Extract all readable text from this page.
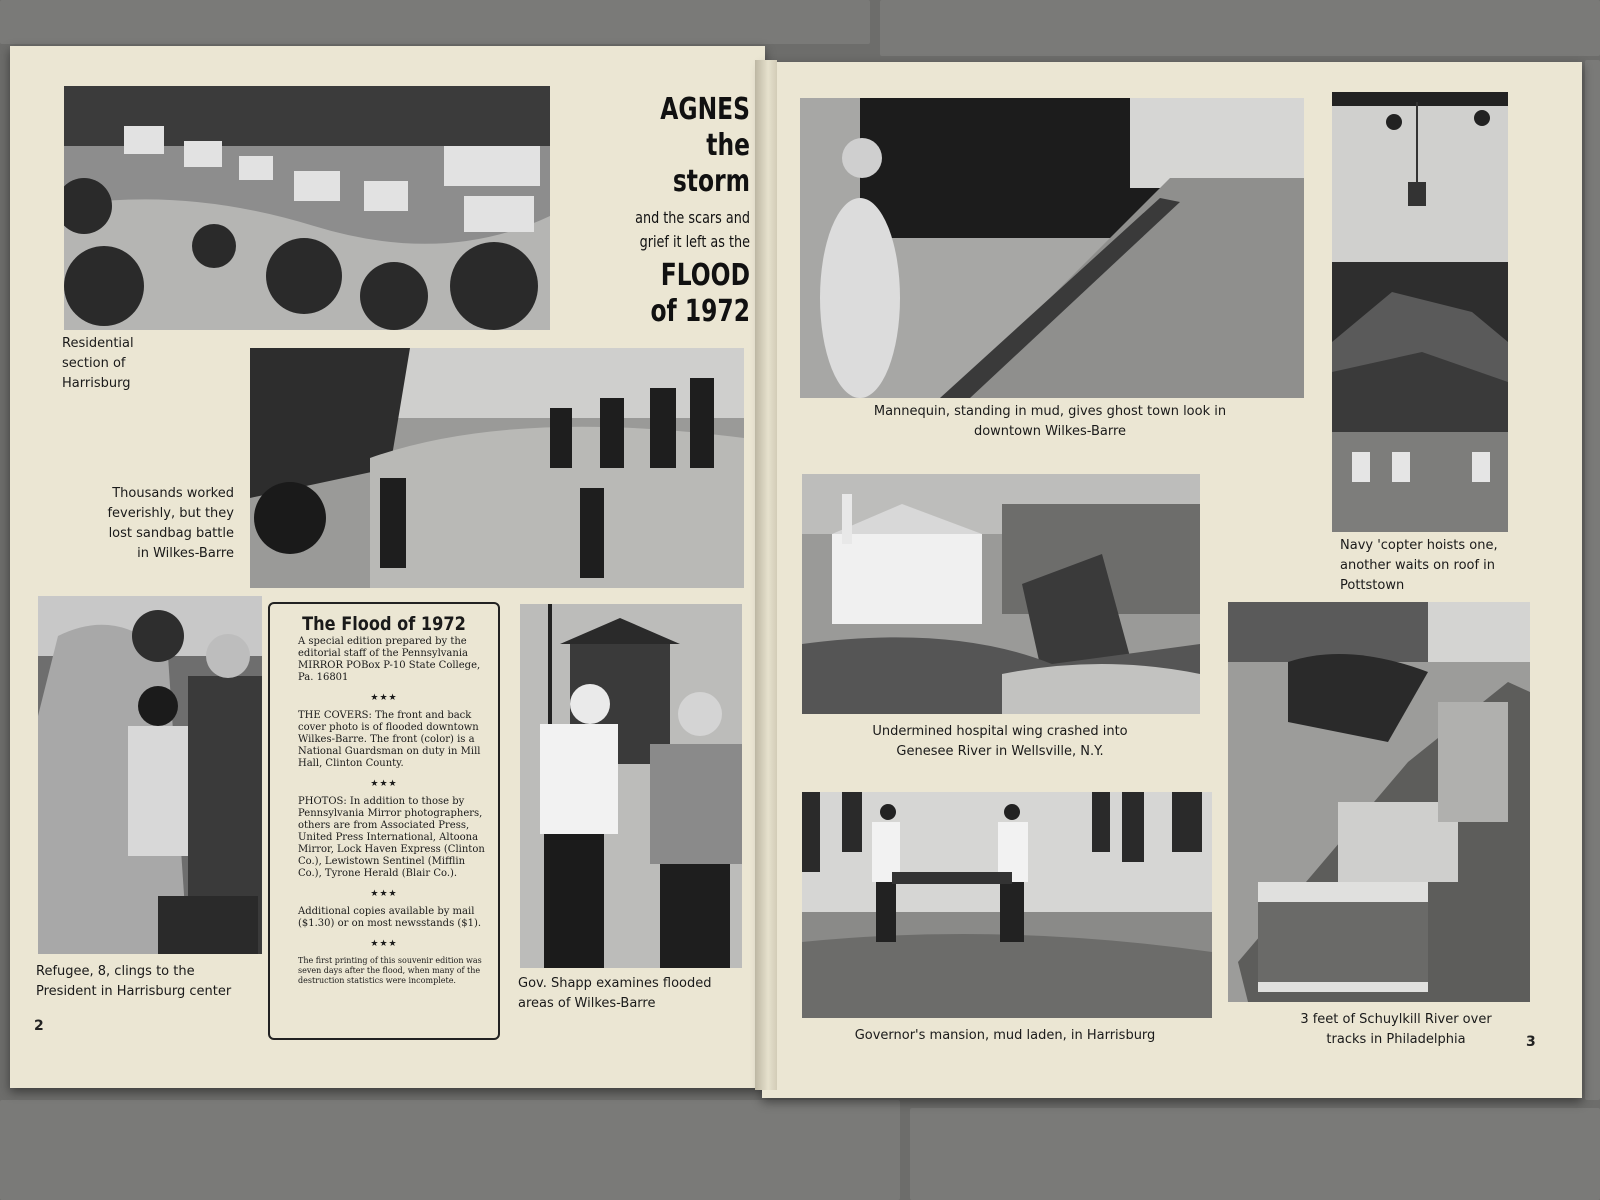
Residential section of Harrisburg
AGNES
the storm
and the scars and
grief it left as the
FLOOD
of 1972
Thousands worked feverishly, but they lost sandbag battle in Wilkes-Barre
Refugee, 8, clings to the President in Harrisburg center
The Flood of 1972

A special edition prepared by the editorial staff of the Pennsylvania MIRROR POBox P-10 State College, Pa. 16801

★★★

THE COVERS: The front and back cover photo is of flooded downtown Wilkes-Barre. The front (color) is a National Guardsman on duty in Mill Hall, Clinton County.

★★★

PHOTOS: In addition to those by Pennsylvania Mirror photographers, others are from Associated Press, United Press International, Altoona Mirror, Lock Haven Express (Clinton Co.), Lewistown Sentinel (Mifflin Co.), Tyrone Herald (Blair Co.).

★★★

Additional copies available by mail ($1.30) or on most newsstands ($1).

★★★

The first printing of this souvenir edition was seven days after the flood, when many of the destruction statistics were incomplete.	Gov. Shapp examines flooded areas of Wilkes-Barre
2
Mannequin, standing in mud, gives ghost town look in downtown Wilkes-Barre
Navy 'copter hoists one, another waits on roof in Pottstown
Undermined hospital wing crashed into Genesee River in Wellsville, N.Y.
3 feet of Schuylkill River over tracks in Philadelphia
Governor's mansion, mud laden, in Harrisburg	3
